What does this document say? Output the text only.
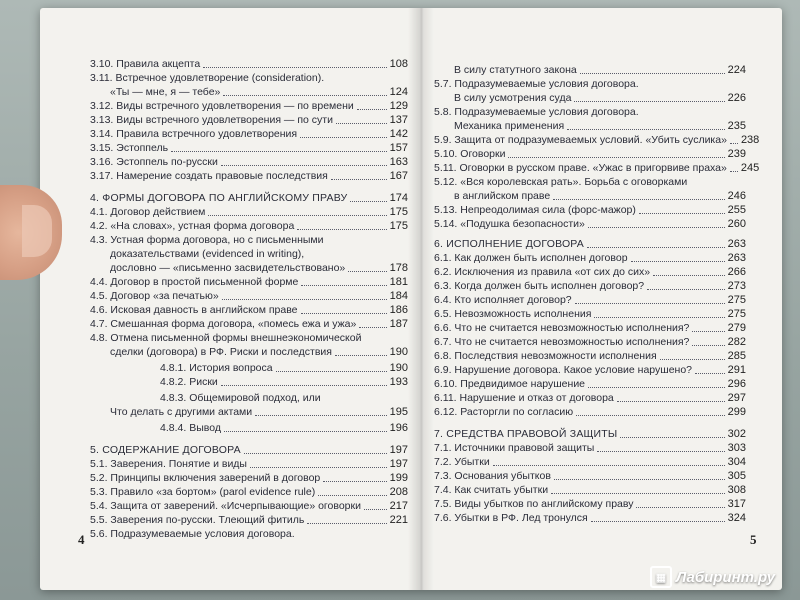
3.10. Правила акцепта	108
3.11. Встречное удовлетворение (consideration).
«Ты — мне, я — тебе»	124
3.12. Виды встречного удовлетворения — по времени	129
3.13. Виды встречного удовлетворения — по сути	137
3.14. Правила встречного удовлетворения	142
3.15. Эстоппель	157
3.16. Эстоппель по-русски	163
3.17. Намерение создать правовые последствия	167
4. ФОРМЫ ДОГОВОРА ПО АНГЛИЙСКОМУ ПРАВУ	174
4.1. Договор действием	175
4.2. «На словах», устная форма договора	175
4.3. Устная форма договора, но с письменными
доказательствами (evidenced in writing),
дословно — «письменно засвидетельствовано»	178
4.4. Договор в простой письменной форме	181
4.5. Договор «за печатью»	184
4.6. Исковая давность в английском праве	186
4.7. Смешанная форма договора, «помесь ежа и ужа»	187
4.8. Отмена письменной формы внешнеэкономической
сделки (договора) в РФ. Риски и последствия	190
4.8.1. История вопроса	190
4.8.2. Риски	193
4.8.3. Общемировой подход, или
Что делать с другими актами	195
4.8.4. Вывод	196
5. СОДЕРЖАНИЕ ДОГОВОРА	197
5.1. Заверения. Понятие и виды	197
5.2. Принципы включения заверений в договор	199
5.3. Правило «за бортом» (parol evidence rule)	208
5.4. Защита от заверений. «Исчерпывающие» оговорки	217
5.5. Заверения по-русски. Тлеющий фитиль	221
5.6. Подразумеваемые условия договора.
4
В силу статутного закона	224
5.7. Подразумеваемые условия договора.
В силу усмотрения суда	226
5.8. Подразумеваемые условия договора.
Механика применения	235
5.9. Защита от подразумеваемых условий. «Убить суслика» 238
5.10. Оговорки	239
5.11. Оговорки в русском праве. «Ужас в пригорвиве праха» 245
5.12. «Вся королевская рать». Борьба с оговорками
в английском праве	246
5.13. Непреодолимая сила (форс-мажор)	255
5.14. «Подушка безопасности»	260
6. ИСПОЛНЕНИЕ ДОГОВОРА	263
6.1. Как должен быть исполнен договор	263
6.2. Исключения из правила «от сих до сих»	266
6.3. Когда должен быть исполнен договор?	273
6.4. Кто исполняет договор?	275
6.5. Невозможность исполнения	275
6.6. Что не считается невозможностью исполнения?	279
6.7. Что не считается невозможностью исполнения?	282
6.8. Последствия невозможности исполнения	285
6.9. Нарушение договора. Какое условие нарушено?	291
6.10. Предвидимое нарушение	296
6.11. Нарушение и отказ от договора	297
6.12. Расторгли по согласию	299
7. СРЕДСТВА ПРАВОВОЙ ЗАЩИТЫ	302
7.1. Источники правовой защиты	303
7.2. Убытки	304
7.3. Основания убытков	305
7.4. Как считать убытки	308
7.5. Виды убытков по английскому праву	317
7.6. Убытки в РФ. Лед тронулся	324
5
▦ Лабиринт.ру
